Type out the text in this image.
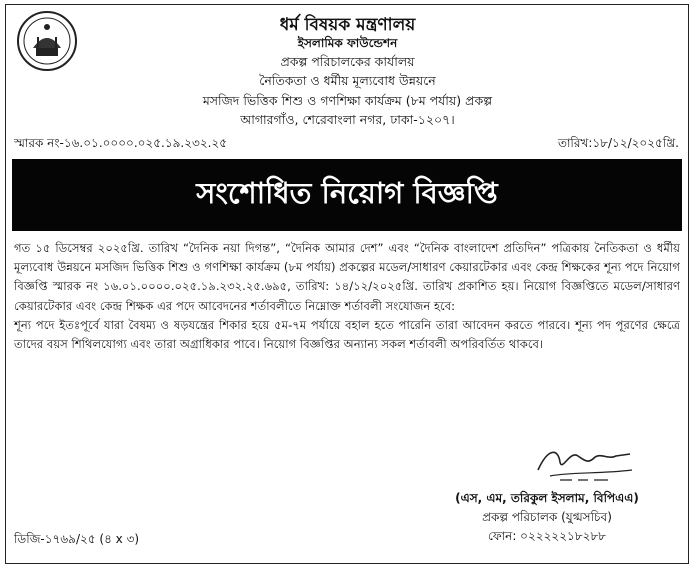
ধর্ম বিষয়ক মন্ত্রণালয়
ইসলামিক ফাউন্ডেশন
প্রকল্প পরিচালকের কার্যালয়
নৈতিকতা ও ধর্মীয় মূল্যবোধ উন্নয়নে
মসজিদ ভিত্তিক শিশু ও গণশিক্ষা কার্যক্রম (৮ম পর্যায়) প্রকল্প
আগারগাঁও, শেরেবাংলা নগর, ঢাকা-১২০৭।
স্মারক নং-১৬.০১.০০০০.০২৫.১৯.২৩২.২৫	তারিখ:১৮/১২/২০২৫খ্রি.
সংশোধিত নিয়োগ বিজ্ঞপ্তি

গত ১৫ ডিসেম্বর ২০২৫খ্রি. তারিখ “দৈনিক নয়া দিগন্ত”, “দৈনিক আমার দেশ” এবং “দৈনিক বাংলাদেশ প্রতিদিন” পত্রিকায় নৈতিকতা ও ধর্মীয় মূল্যবোধ উন্নয়নে মসজিদ ভিত্তিক শিশু ও গণশিক্ষা কার্যক্রম (৮ম পর্যায়) প্রকল্পের মডেল/সাধারণ কেয়ারটেকার এবং কেন্দ্র শিক্ষকের শূন্য পদে নিয়োগ বিজ্ঞপ্তি স্মারক নং ১৬.০১.০০০০.০২৫.১৯.২৩২.২৫.৬৯৫, তারিখ: ১৪/১২/২০২৫খ্রি. তারিখ প্রকাশিত হয়। নিয়োগ বিজ্ঞপ্তিতে মডেল/সাধারণ কেয়ারটেকার এবং কেন্দ্র শিক্ষক এর পদে আবেদনের শর্তাবলীতে নিম্নোক্ত শর্তাবলী সংযোজন হবে:

শূন্য পদে ইতঃপূর্বে যারা বৈষম্য ও ষড়যন্ত্রের শিকার হয়ে ৫ম-৭ম পর্যায়ে বহাল হতে পারেনি তারা আবেদন করতে পারবে। শূন্য পদ পূরণের ক্ষেত্রে তাদের বয়স শিথিলযোগ্য এবং তারা অগ্রাধিকার পাবে। নিয়োগ বিজ্ঞপ্তির অন্যান্য সকল শর্তাবলী অপরিবর্তিত থাকবে।

(এস, এম, তরিকুল ইসলাম, বিপিএএ)
প্রকল্প পরিচালক (যুগ্মসচিব)
ফোন: ০২২২২২১৮২৮৮
ডিজি-১৭৬৯/২৫ (৪ x ৩)
